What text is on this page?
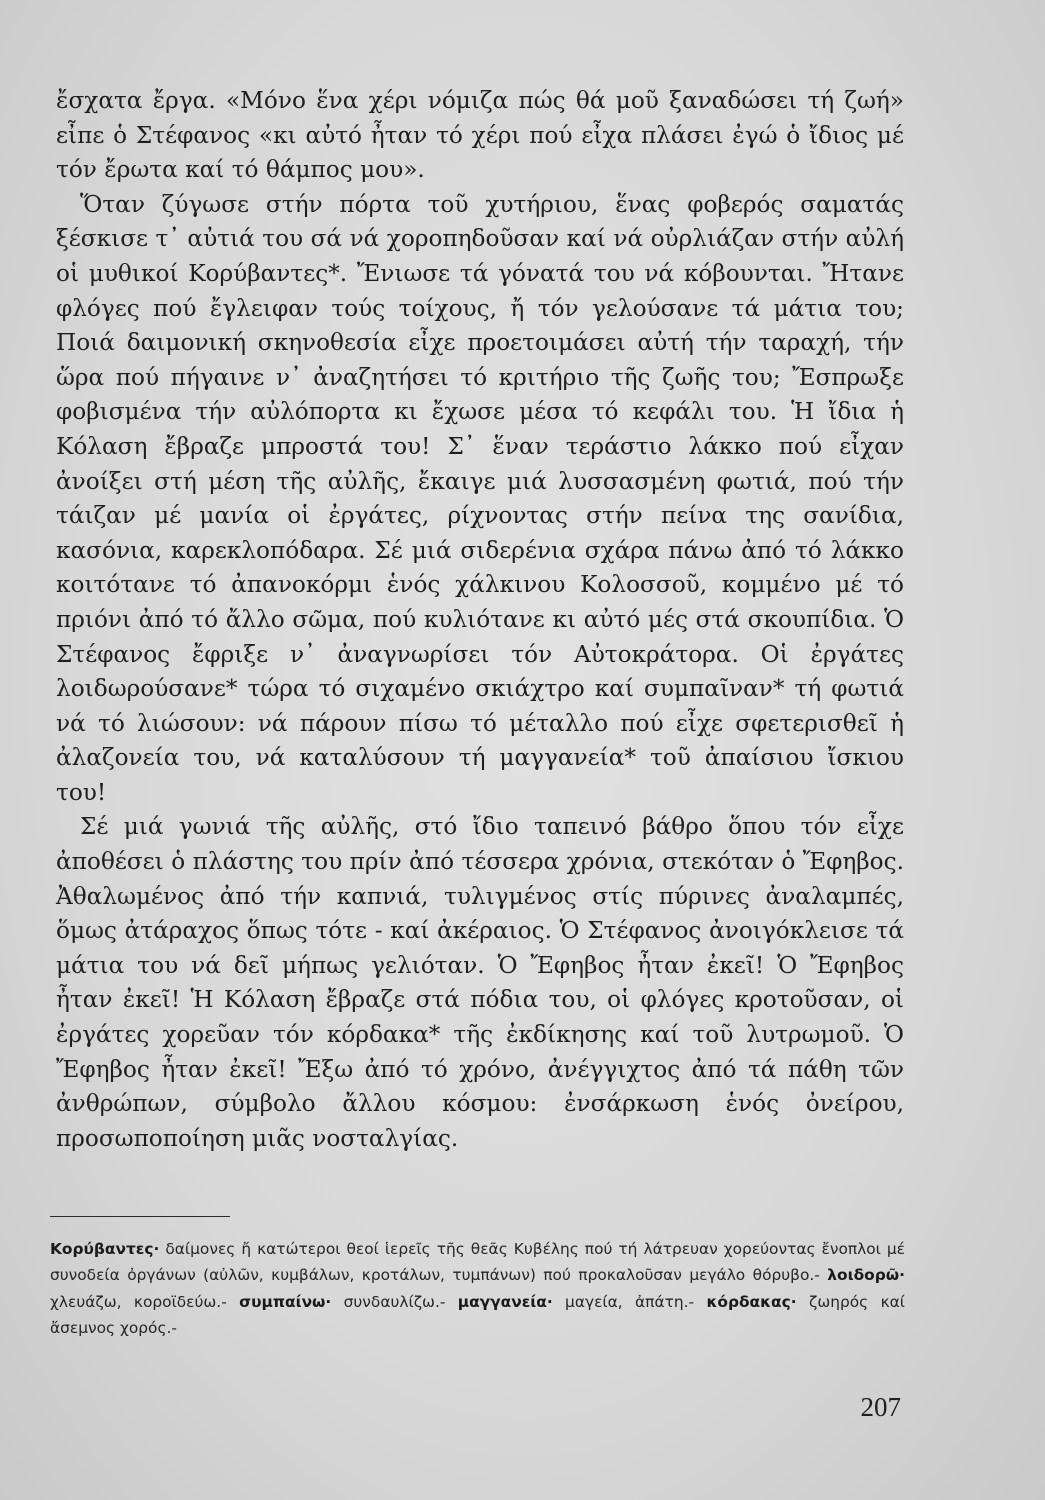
ἔσχατα ἔργα. «Μόνο ἕνα χέρι νόμιζα πώς θά μοῦ ξαναδώσει τή ζωή» εἶπε ὁ Στέφανος «κι αὐτό ἦταν τό χέρι πού εἶχα πλάσει ἐγώ ὁ ἴδιος μέ τόν ἔρωτα καί τό θάμπος μου».

Ὅταν ζύγωσε στήν πόρτα τοῦ χυτήριου, ἕνας φοβερός σαματάς ξέσκισε τ᾽ αὐτιά του σά νά χοροπηδοῦσαν καί νά οὐρλιάζαν στήν αὐλή οἱ μυθικοί Κορύβαντες*. Ἔνιωσε τά γόνατά του νά κόβουνται. Ἤτανε φλόγες πού ἔγλειφαν τούς τοίχους, ἤ τόν γελούσανε τά μάτια του; Ποιά δαιμονική σκηνοθεσία εἶχε προετοιμάσει αὐτή τήν ταραχή, τήν ὥρα πού πήγαινε ν᾽ ἀναζητήσει τό κριτήριο τῆς ζωῆς του; Ἔσπρωξε φοβισμένα τήν αὐλόπορτα κι ἔχωσε μέσα τό κεφάλι του. Ἡ ἴδια ἡ Κόλαση ἔβραζε μπροστά του! Σ᾽ ἕναν τεράστιο λάκκο πού εἶχαν ἀνοίξει στή μέση τῆς αὐλῆς, ἔκαιγε μιά λυσσασμένη φωτιά, πού τήν τάιζαν μέ μανία οἱ ἐργάτες, ρίχνοντας στήν πείνα της σανίδια, κασόνια, καρεκλοπόδαρα. Σέ μιά σιδερένια σχάρα πάνω ἀπό τό λάκκο κοιτότανε τό ἀπανοκόρμι ἑνός χάλκινου Κολοσσοῦ, κομμένο μέ τό πριόνι ἀπό τό ἄλλο σῶμα, πού κυλιότανε κι αὐτό μές στά σκουπίδια. Ὁ Στέφανος ἔφριξε ν᾽ ἀναγνωρίσει τόν Αὐτοκράτορα. Οἱ ἐργάτες λοιδωρούσανε* τώρα τό σιχαμένο σκιάχτρο καί συμπαῖναν* τή φωτιά νά τό λιώσουν: νά πάρουν πίσω τό μέταλλο πού εἶχε σφετερισθεῖ ἡ ἀλαζονεία του, νά καταλύσουν τή μαγγανεία* τοῦ ἀπαίσιου ἴσκιου του!

Σέ μιά γωνιά τῆς αὐλῆς, στό ἴδιο ταπεινό βάθρο ὅπου τόν εἶχε ἀποθέσει ὁ πλάστης του πρίν ἀπό τέσσερα χρόνια, στεκόταν ὁ Ἔφηβος. Ἀθαλωμένος ἀπό τήν καπνιά, τυλιγμένος στίς πύρινες ἀναλαμπές, ὅμως ἀτάραχος ὅπως τότε - καί ἀκέραιος. Ὁ Στέφανος ἀνοιγόκλεισε τά μάτια του νά δεῖ μήπως γελιόταν. Ὁ Ἔφηβος ἦταν ἐκεῖ! Ὁ Ἔφηβος ἦταν ἐκεῖ! Ἡ Κόλαση ἔβραζε στά πόδια του, οἱ φλόγες κροτοῦσαν, οἱ ἐργάτες χορεῦαν τόν κόρδακα* τῆς ἐκδίκησης καί τοῦ λυτρωμοῦ. Ὁ Ἔφηβος ἦταν ἐκεῖ! Ἔξω ἀπό τό χρόνο, ἀνέγγιχτος ἀπό τά πάθη τῶν ἀνθρώπων, σύμβολο ἄλλου κόσμου: ἐνσάρκωση ἑνός ὀνείρου, προσωποποίηση μιᾶς νοσταλγίας.

Κορύβαντες· δαίμονες ἤ κατώτεροι θεοί ἱερεῖς τῆς θεᾶς Κυβέλης πού τή λάτρευαν χορεύοντας ἔνοπλοι μέ συνοδεία ὀργάνων (αὐλῶν, κυμβάλων, κροτάλων, τυμπάνων) πού προκαλοῦσαν μεγάλο θόρυβο.- λοιδορῶ· χλευάζω, κοροϊδεύω.- συμπαίνω· συνδαυλίζω.- μαγγανεία· μαγεία, ἀπάτη.- κόρδακας· ζωηρός καί ἄσεμνος χορός.-
207
